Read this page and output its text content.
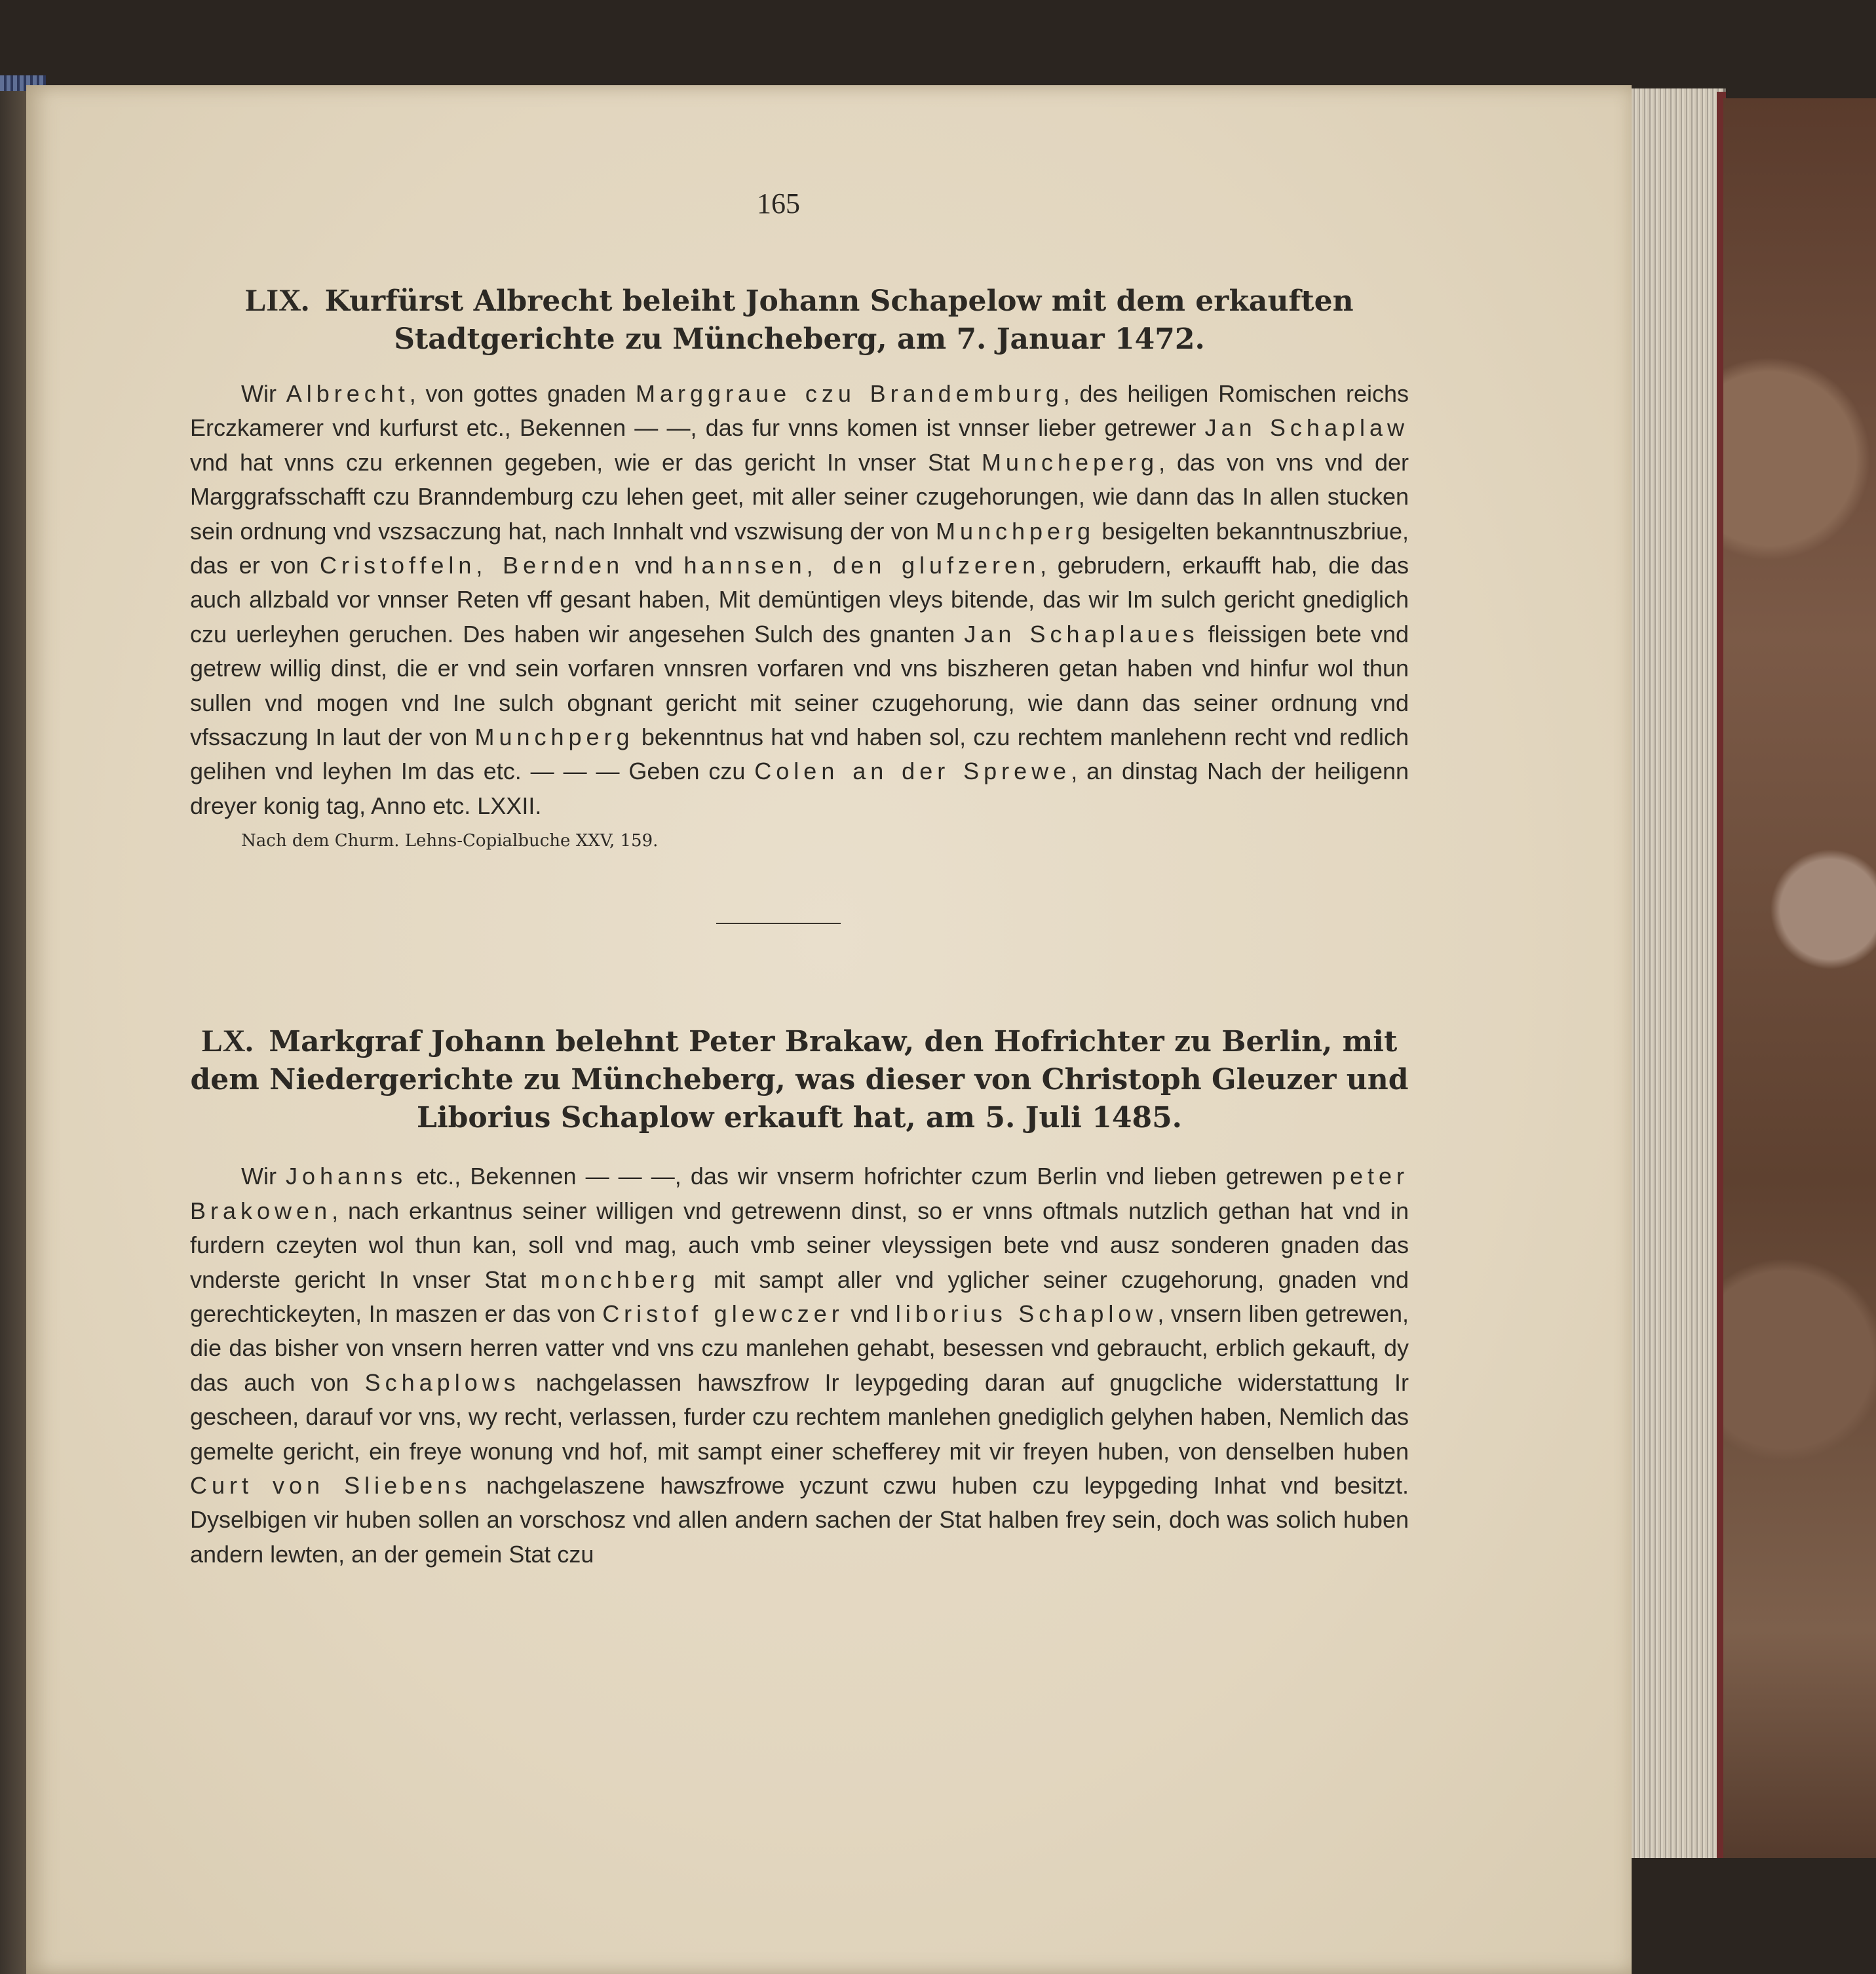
165
LIX. Kurfürst Albrecht beleiht Johann Schapelow mit dem erkauften Stadtgerichte zu Müncheberg, am 7. Januar 1472.

Wir Albrecht, von gottes gnaden Marggraue czu Brandemburg, des heiligen Romischen reichs Erczkamerer vnd kurfurst etc., Bekennen — —, das fur vnns komen ist vnnser lieber getrewer Jan Schaplaw vnd hat vnns czu erkennen gegeben, wie er das gericht In vnser Stat Muncheperg, das von vns vnd der Marggrafsschafft czu Branndemburg czu lehen geet, mit aller seiner czugehorungen, wie dann das In allen stucken sein ordnung vnd vszsaczung hat, nach Innhalt vnd vszwisung der von Munchperg besigelten bekanntnuszbriue, das er von Cristoffeln, Bernden vnd hannsen, den glufzeren, gebrudern, erkaufft hab, die das auch allzbald vor vnnser Reten vff gesant haben, Mit demüntigen vleys bitende, das wir Im sulch gericht gnediglich czu uerleyhen geruchen. Des haben wir angesehen Sulch des gnanten Jan Schaplaues fleissigen bete vnd getrew willig dinst, die er vnd sein vorfaren vnnsren vorfaren vnd vns biszheren getan haben vnd hinfur wol thun sullen vnd mogen vnd Ine sulch obgnant gericht mit seiner czugehorung, wie dann das seiner ordnung vnd vfssaczung In laut der von Munchperg bekenntnus hat vnd haben sol, czu rechtem manlehenn recht vnd redlich gelihen vnd leyhen Im das etc. — — — Geben czu Colen an der Sprewe, an dinstag Nach der heiligenn dreyer konig tag, Anno etc. LXXII.

Nach dem Churm. Lehns-Copialbuche XXV, 159.
LX. Markgraf Johann belehnt Peter Brakaw, den Hofrichter zu Berlin, mit dem Niedergerichte zu Müncheberg, was dieser von Christoph Gleuzer und Liborius Schaplow erkauft hat, am 5. Juli 1485.

Wir Johanns etc., Bekennen — — —, das wir vnserm hofrichter czum Berlin vnd lieben getrewen peter Brakowen, nach erkantnus seiner willigen vnd getrewenn dinst, so er vnns oftmals nutzlich gethan hat vnd in furdern czeyten wol thun kan, soll vnd mag, auch vmb seiner vleyssigen bete vnd ausz sonderen gnaden das vnderste gericht In vnser Stat monchberg mit sampt aller vnd yglicher seiner czugehorung, gnaden vnd gerechtickeyten, In maszen er das von Cristof glewczer vnd liborius Schaplow, vnsern liben getrewen, die das bisher von vnsern herren vatter vnd vns czu manlehen gehabt, besessen vnd gebraucht, erblich gekauft, dy das auch von Schaplows nachgelassen hawszfrow Ir leypgeding daran auf gnugcliche widerstattung Ir gescheen, darauf vor vns, wy recht, verlassen, furder czu rechtem manlehen gnediglich gelyhen haben, Nemlich das gemelte gericht, ein freye wonung vnd hof, mit sampt einer schefferey mit vir freyen huben, von denselben huben Curt von Sliebens nachgelaszene hawszfrowe yczunt czwu huben czu leypgeding Inhat vnd besitzt. Dyselbigen vir huben sollen an vorschosz vnd allen andern sachen der Stat halben frey sein, doch was solich huben andern lewten, an der gemein Stat czu
